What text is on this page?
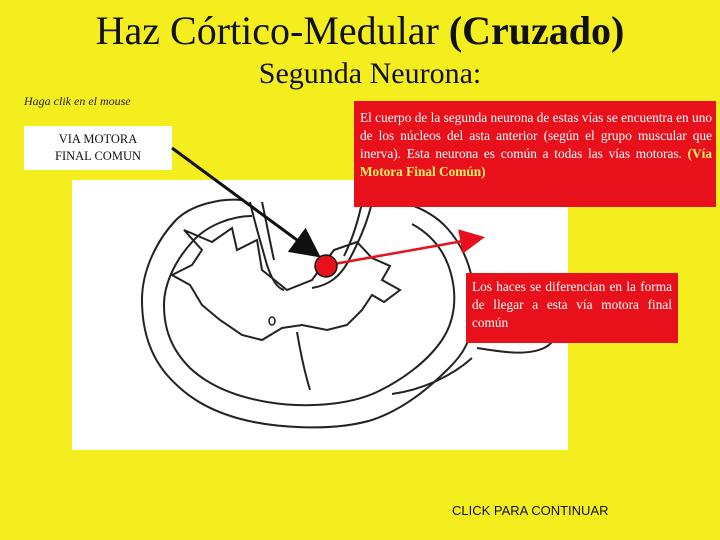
Haz Córtico-Medular (Cruzado)
Segunda Neurona:
Haga clik en el mouse
VIA MOTORA
FINAL COMUN
El cuerpo de la segunda neurona de estas vías se encuentra en uno de los núcleos del asta anterior (según el grupo muscular que inerva). Esta neurona es común a todas las vías motoras. (Vía Motora Final Común)
Los haces se diferencian en la forma de llegar a esta vía motora final común
CLICK PARA CONTINUAR
